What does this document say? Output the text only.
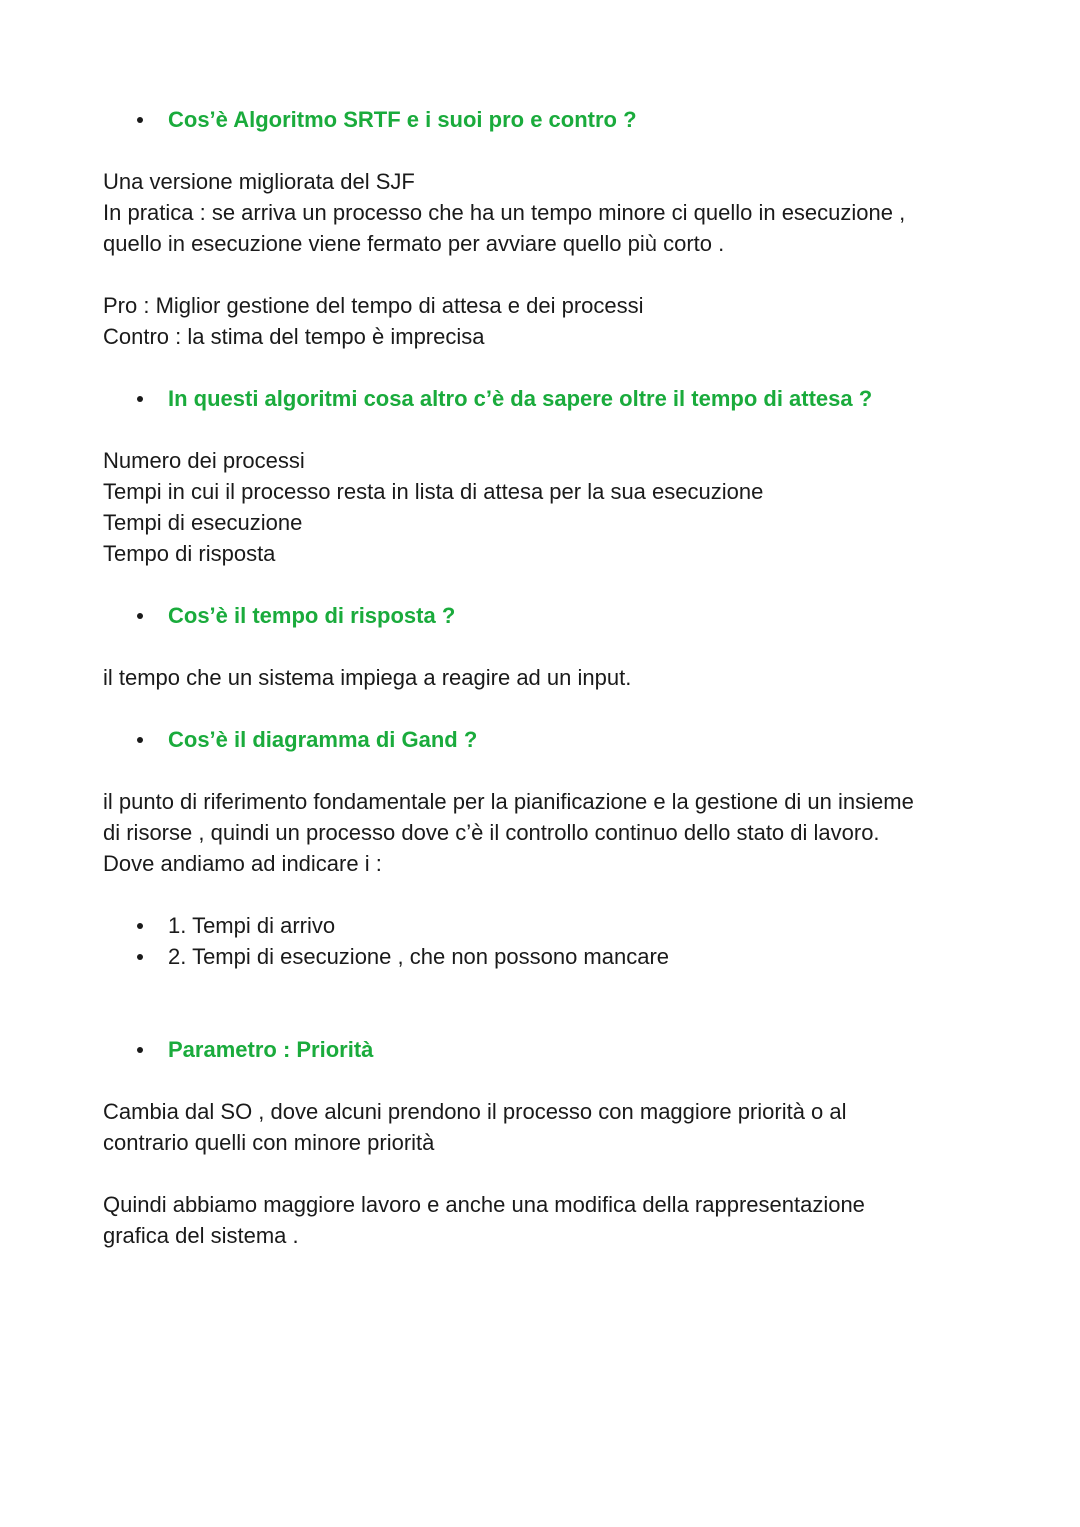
Cos’è Algoritmo SRTF e i suoi pro e contro ?
Una versione migliorata del SJF
In pratica : se arriva un processo che ha un tempo minore ci quello in esecuzione ,
quello in esecuzione viene fermato per avviare quello più corto .
Pro : Miglior gestione del tempo di attesa e dei processi
Contro : la stima del tempo è imprecisa
In questi algoritmi cosa altro c’è da sapere oltre il tempo di attesa ?
Numero dei processi
Tempi in cui il processo resta in lista di attesa per la sua esecuzione
Tempi di esecuzione
Tempo di risposta
Cos’è il tempo di risposta ?
il tempo che un sistema impiega a reagire ad un input.
Cos’è il diagramma di Gand ?
il punto di riferimento fondamentale per la pianificazione e la gestione di un insieme
di risorse , quindi un processo dove c’è il controllo continuo dello stato di lavoro.
Dove andiamo ad indicare i :
1. Tempi di arrivo
2. Tempi di esecuzione , che non possono mancare
Parametro : Priorità
Cambia dal SO , dove alcuni prendono il processo con maggiore priorità o al
contrario quelli con minore priorità
Quindi abbiamo maggiore lavoro e anche una modifica della rappresentazione
grafica del sistema .
